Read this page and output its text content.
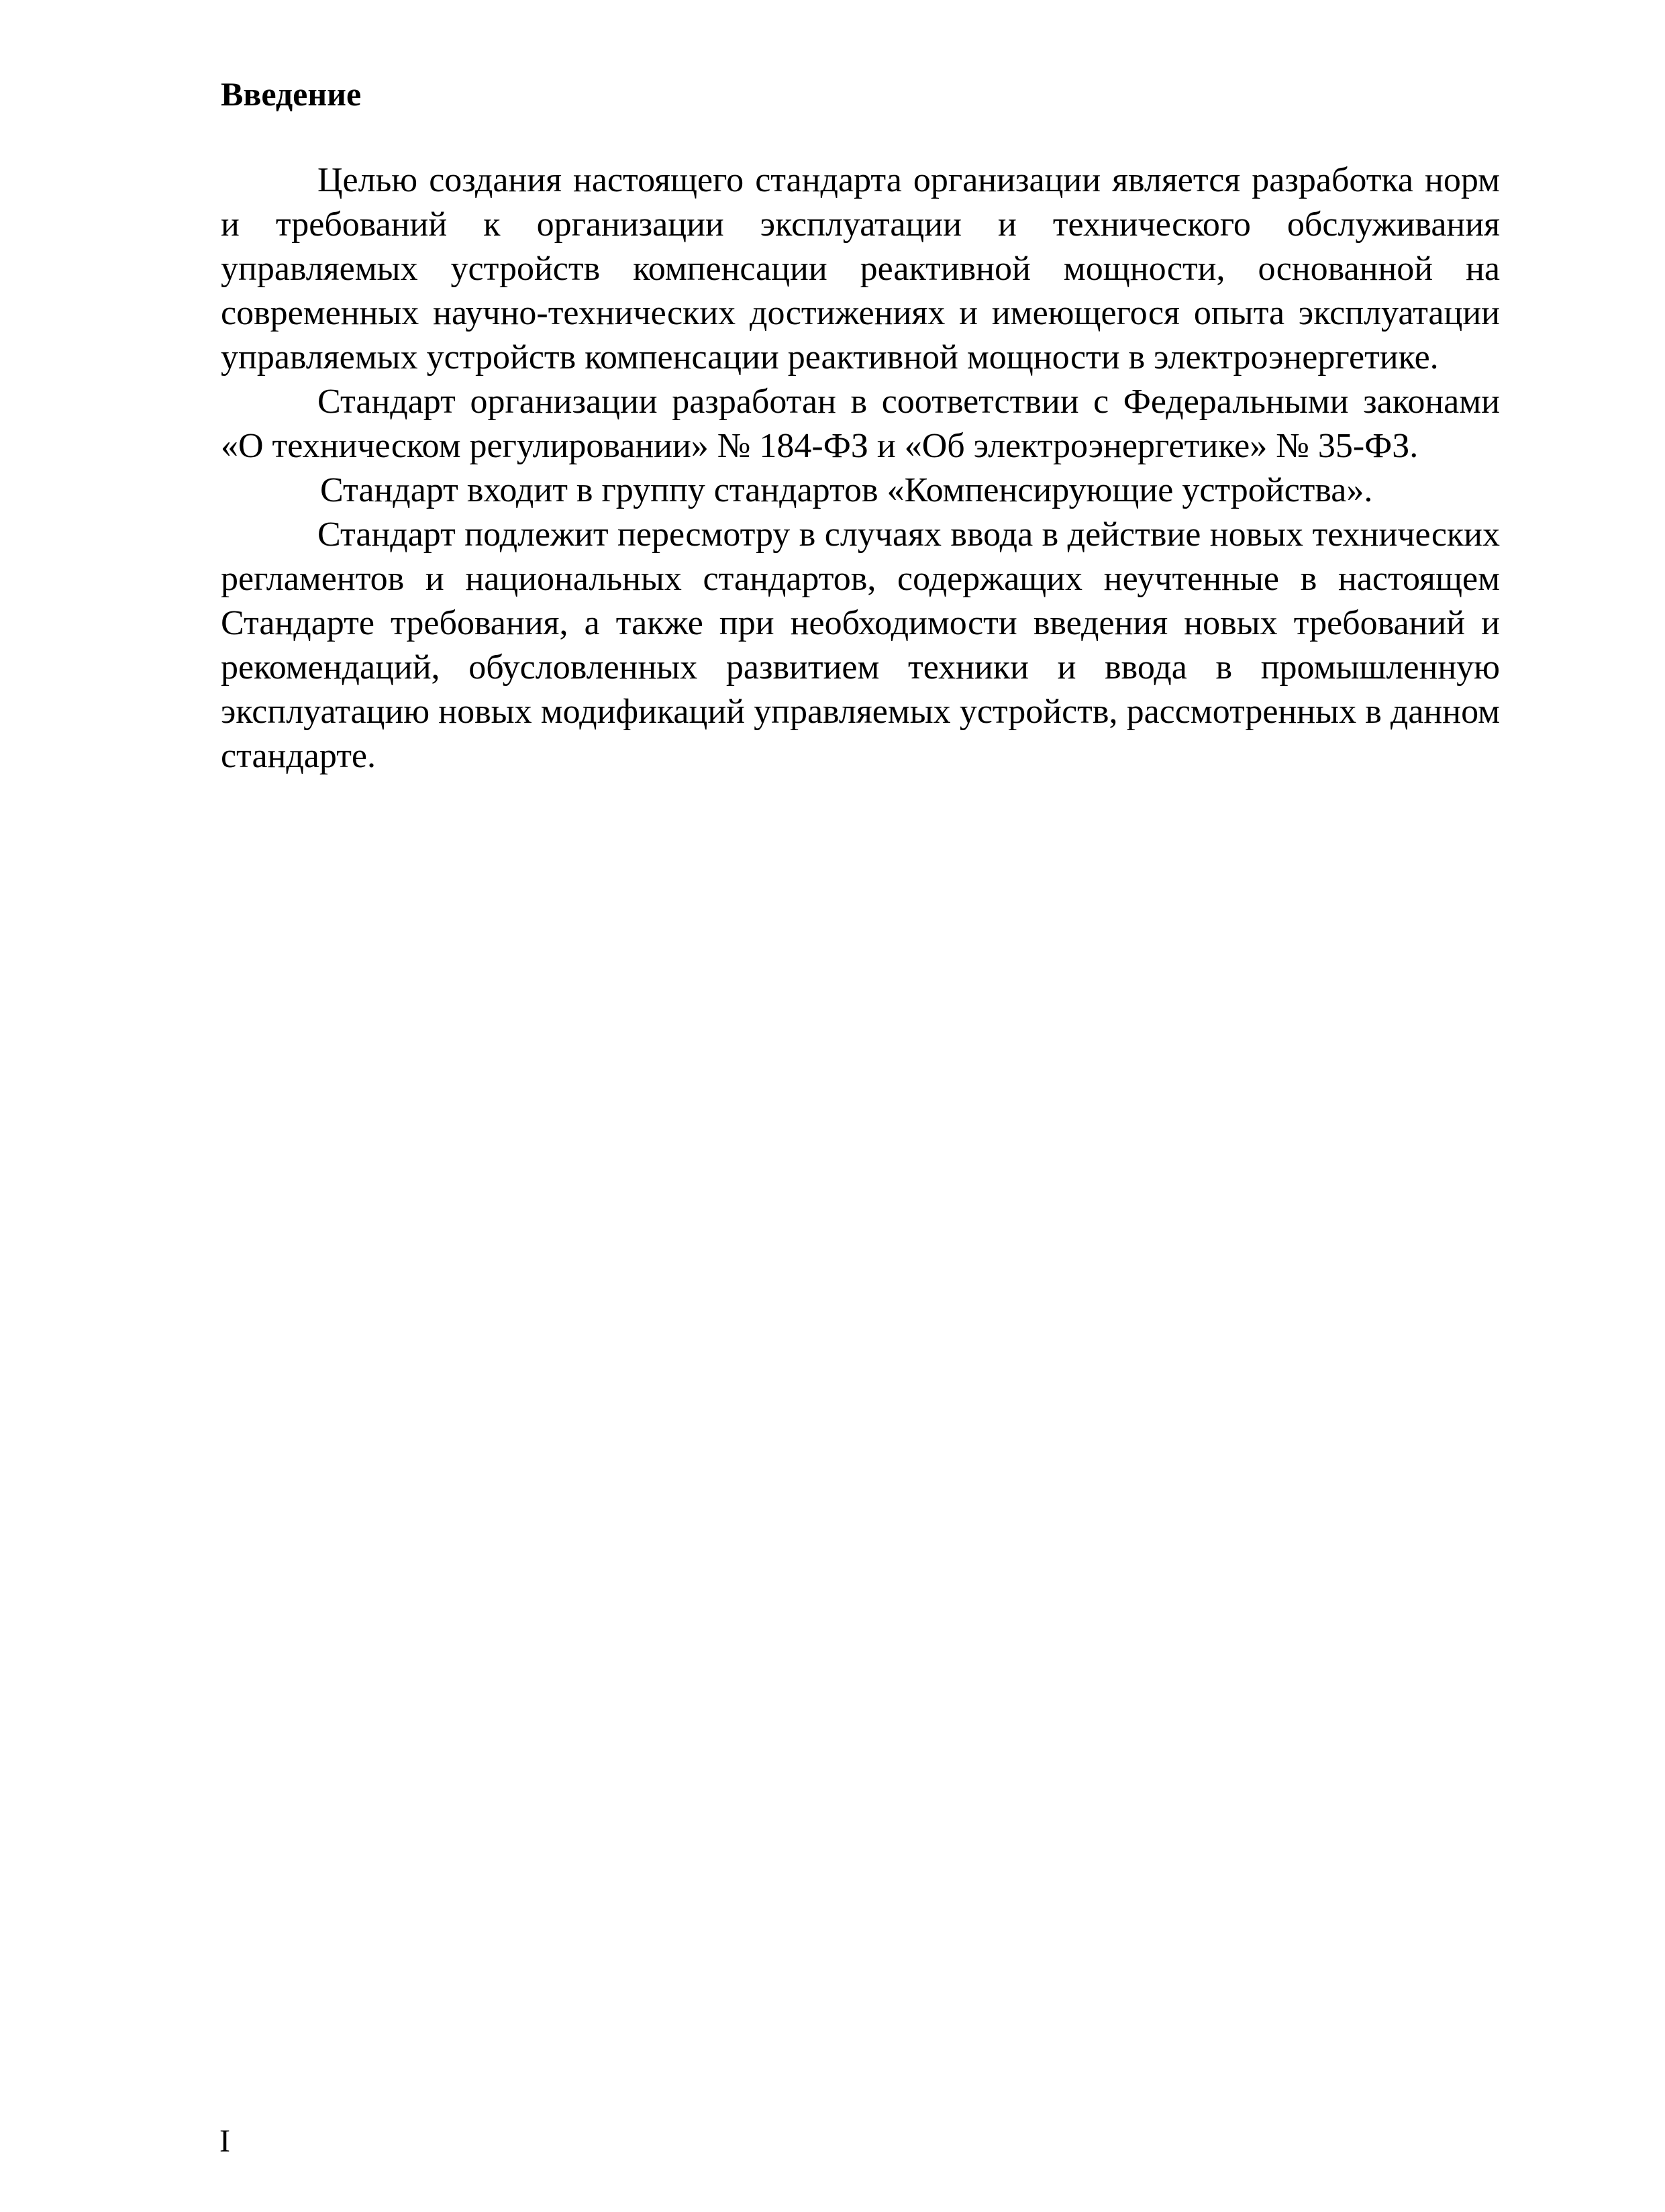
Введение

Целью создания настоящего стандарта организации является разработка норм и требований к организации эксплуатации и технического обслуживания управляемых устройств компенсации реактивной мощности, основанной на современных научно-технических достижениях и имеющегося опыта эксплуатации управляемых устройств компенсации реактивной мощности в электроэнергетике.

Стандарт организации разработан в соответствии с Федеральными законами «О техническом регулировании» № 184-ФЗ и «Об электроэнергетике» № 35-ФЗ.

Стандарт входит в группу стандартов «Компенсирующие устройства».

Стандарт подлежит пересмотру в случаях ввода в действие новых технических регламентов и национальных стандартов, содержащих неучтенные в настоящем Стандарте требования, а также при необходимости введения новых требований и рекомендаций, обусловленных развитием техники и ввода в промышленную эксплуатацию новых модификаций управляемых устройств, рассмотренных в данном стандарте.

I
